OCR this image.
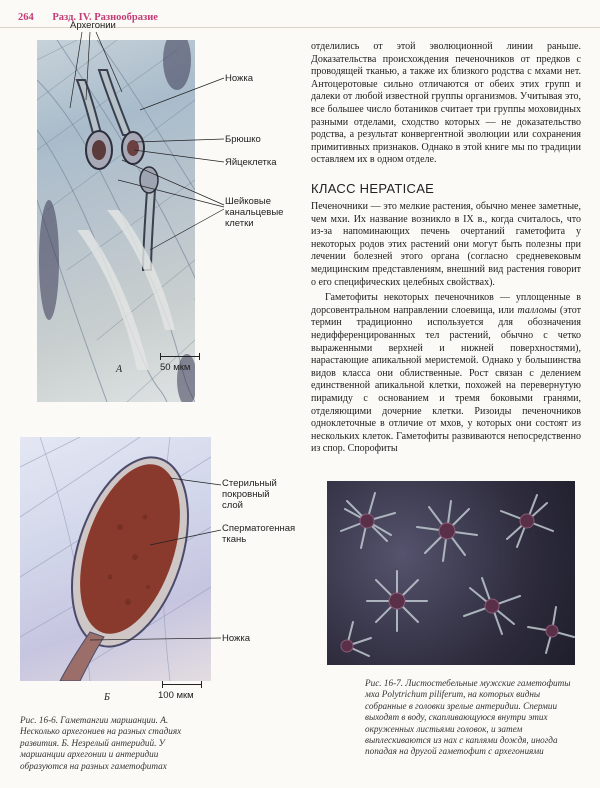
264 Разд. IV. Разнообразие
А	50 мкм
Архегонии
Ножка
Брюшко
Яйцеклетка
Шейковые
канальцевые
клетки
Б	100 мкм
Стерильный
покровный
слой
Сперматогенная
ткань
Ножка

отделились от этой эволюционной линии раньше. Доказательства происхождения печеночников от предков с проводящей тканью, а также их близкого родства с мхами нет. Антоцеротовые сильно отличаются от обеих этих групп и далеки от любой известной группы организмов. Учитывая это, все большее число ботаников считает три группы моховидных разными отделами, сходство которых — не доказательство родства, а результат конвергентной эволюции или сохранения примитивных признаков. Однако в этой книге мы по традиции оставляем их в одном отделе.

КЛАСС HEPATICAE

Печеночники — это мелкие растения, обычно менее заметные, чем мхи. Их название возникло в IX в., когда считалось, что из-за напоминающих печень очертаний гаметофита у некоторых родов этих растений они могут быть полезны при лечении болезней этого органа (согласно средневековым медицинским представлениям, внешний вид растения говорит о его специфических целебных свойствах).

Гаметофиты некоторых печеночников — уплощенные в дорсовентральном направлении слоевища, или талломы (этот термин традиционно используется для обозначения недифференцированных тел растений, обычно с четко выраженными верхней и нижней поверхностями), нарастающие апикальной меристемой. Однако у большинства видов класса они облиственные. Рост связан с делением единственной апикальной клетки, похожей на перевернутую пирамиду с основанием и тремя боковыми гранями, отделяющими дочерние клетки. Ризоиды печеночников одноклеточные в отличие от мхов, у которых они состоят из нескольких клеток. Гаметофиты развиваются непосредственно из спор. Спорофиты

Рис. 16-6. Гаметангии маршанции. А. Несколько архегониев на разных стадиях развития. Б. Незрелый антеридий. У маршанции архегонии и антеридии образуются на разных гаметофитах
Рис. 16-7. Листостебельные мужские гаметофиты мха Polytrichum piliferum, на которых видны собранные в головки зрелые антеридии. Спермии выходят в воду, скапливающуюся внутри этих окруженных листьями головок, и затем выплескиваются из нах с каплями дождя, иногда попадая на другой гаметофит с архегониями
